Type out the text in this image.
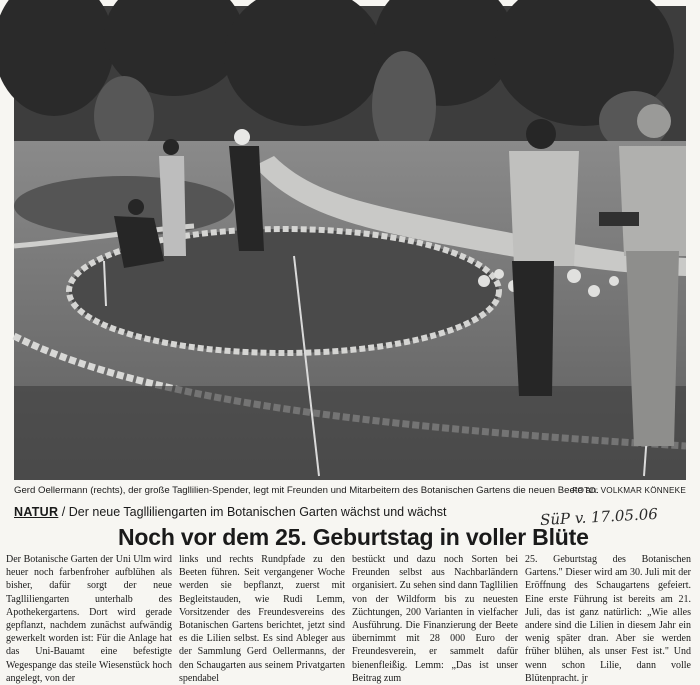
Gerd Oellermann (rechts), der große Tagllilien-Spender, legt mit Freunden und Mitarbeitern des Botanischen Gartens die neuen Beete an.
FOTO: VOLKMAR KÖNNEKE
NATUR / Der neue Taglliliengarten im Botanischen Garten wächst und wächst	SüP v. 17.05.06
Noch vor dem 25. Geburtstag in voller Blüte

Der Botanische Garten der Uni Ulm wird heuer noch farbenfroher aufblühen als bisher, dafür sorgt der neue Taglliliengarten unterhalb des Apothekergartens. Dort wird gerade gepflanzt, nachdem zunächst aufwändig gewerkelt worden ist: Für die Anlage hat das Uni-Bauamt eine befestigte Wegespange das steile Wiesenstück hoch angelegt, von der

links und rechts Rundpfade zu den Beeten führen. Seit vergangener Woche werden sie bepflanzt, zuerst mit Begleitstauden, wie Rudi Lemm, Vorsitzender des Freundesvereins des Botanischen Gartens berichtet, jetzt sind es die Lilien selbst. Es sind Ableger aus der Sammlung Gerd Oellermanns, der den Schaugarten aus seinem Privatgarten spendabel

bestückt und dazu noch Sorten bei Freunden selbst aus Nachbarländern organisiert. Zu sehen sind dann Tagllilien von der Wildform bis zu neuesten Züchtungen, 200 Varianten in vielfacher Ausführung. Die Finanzierung der Beete übernimmt mit 28 000 Euro der Freundesverein, er sammelt dafür bienenfleißig. Lemm: „Das ist unser Beitrag zum

25. Geburtstag des Botanischen Gartens." Dieser wird am 30. Juli mit der Eröffnung des Schaugartens gefeiert. Eine erste Führung ist bereits am 21. Juli, das ist ganz natürlich: „Wie alles andere sind die Lilien in diesem Jahr ein wenig später dran. Aber sie werden früher blühen, als unser Fest ist." Und wenn schon Lilie, dann volle Blütenpracht. jr
